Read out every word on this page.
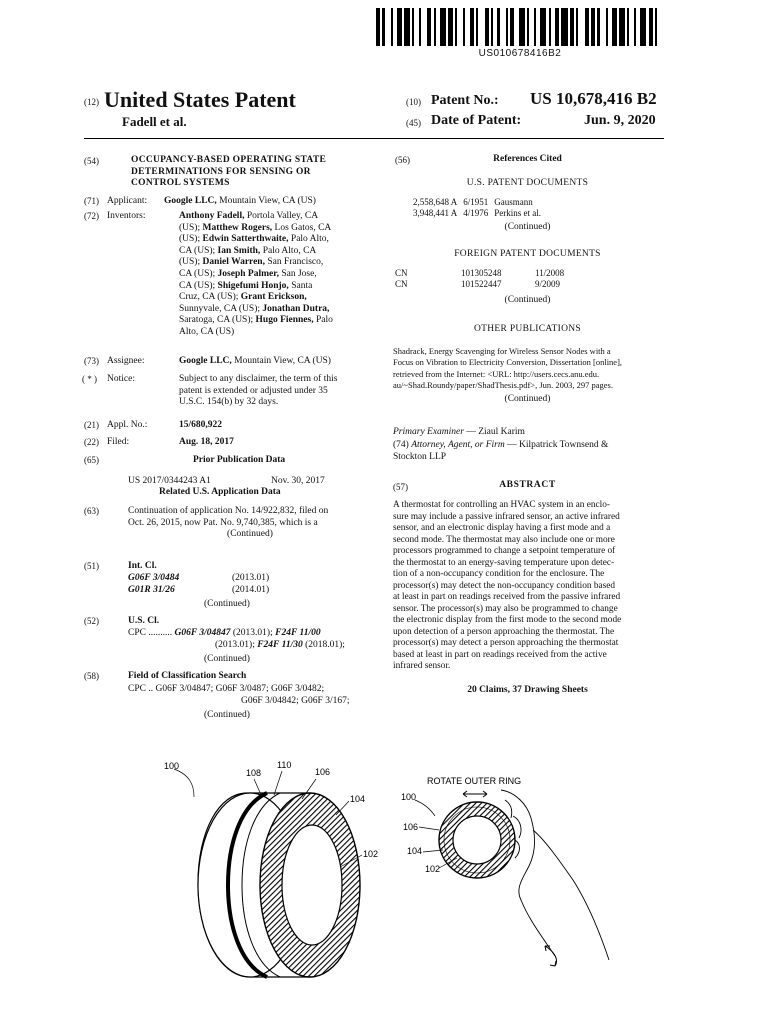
US010678416B2
(12) United States Patent
Fadell et al.
(10) Patent No.: US 10,678,416 B2
(45) Date of Patent:	Jun. 9, 2020
(54)	OCCUPANCY-BASED OPERATING STATE DETERMINATIONS FOR SENSING OR CONTROL SYSTEMS
(71) Applicant: Google LLC, Mountain View, CA (US)
(72) Inventors:	Anthony Fadell, Portola Valley, CA
(US); Matthew Rogers, Los Gatos, CA
(US); Edwin Satterthwaite, Palo Alto,
CA (US); Ian Smith, Palo Alto, CA
(US); Daniel Warren, San Francisco,
CA (US); Joseph Palmer, San Jose,
CA (US); Shigefumi Honjo, Santa
Cruz, CA (US); Grant Erickson,
Sunnyvale, CA (US); Jonathan Dutra,
Saratoga, CA (US); Hugo Fiennes, Palo
Alto, CA (US)
(73) Assignee:	Google LLC, Mountain View, CA (US)
( * ) Notice:	Subject to any disclaimer, the term of this
patent is extended or adjusted under 35
U.S.C. 154(b) by 32 days.
(21) Appl. No.:	15/680,922
(22) Filed:	Aug. 18, 2017
(65)	Prior Publication Data
US 2017/0344243 A1	Nov. 30, 2017
Related U.S. Application Data
(63)	Continuation of application No. 14/922,832, filed on
Oct. 26, 2015, now Pat. No. 9,740,385, which is a
(Continued)
(51)	Int. Cl.
G06F 3/0484	(2013.01)
G01R 31/26	(2014.01)
(Continued)
(52)	U.S. Cl.
CPC .......... G06F 3/04847 (2013.01); F24F 11/00
(2013.01); F24F 11/30 (2018.01);
(Continued)
(58)	Field of Classification Search
CPC .. G06F 3/04847; G06F 3/0487; G06F 3/0482;
G06F 3/04842; G06F 3/167;
(Continued)
(56)	References Cited
U.S. PATENT DOCUMENTS
2,558,648 A	6/1951	Gausmann
3,948,441 A	4/1976	Perkins et al.
(Continued)
FOREIGN PATENT DOCUMENTS
CN	101305248	11/2008
CN	101522447	9/2009
(Continued)
OTHER PUBLICATIONS
Shadrack, Energy Scavenging for Wireless Sensor Nodes with a
Focus on Vibration to Electricity Conversion, Dissertation [online],
retrieved from the Internet: <URL: http://users.cecs.anu.edu.
au/~Shad.Roundy/paper/ShadThesis.pdf>, Jun. 2003, 297 pages.
(Continued)
Primary Examiner — Ziaul Karim
(74) Attorney, Agent, or Firm — Kilpatrick Townsend &
Stockton LLP
(57)	ABSTRACT
A thermostat for controlling an HVAC system in an enclo-
sure may include a passive infrared sensor, an active infrared
sensor, and an electronic display having a first mode and a
second mode. The thermostat may also include one or more
processors programmed to change a setpoint temperature of
the thermostat to an energy-saving temperature upon detec-
tion of a non-occupancy condition for the enclosure. The
processor(s) may detect the non-occupancy condition based
at least in part on readings received from the passive infrared
sensor. The processor(s) may also be programmed to change
the electronic display from the first mode to the second mode
upon detection of a person approaching the thermostat. The
processor(s) may detect a person approaching the thermostat
based at least in part on readings received from the active
infrared sensor.
20 Claims, 37 Drawing Sheets
100
108
110
106
104
102
ROTATE OUTER RING
100
106
104
102
